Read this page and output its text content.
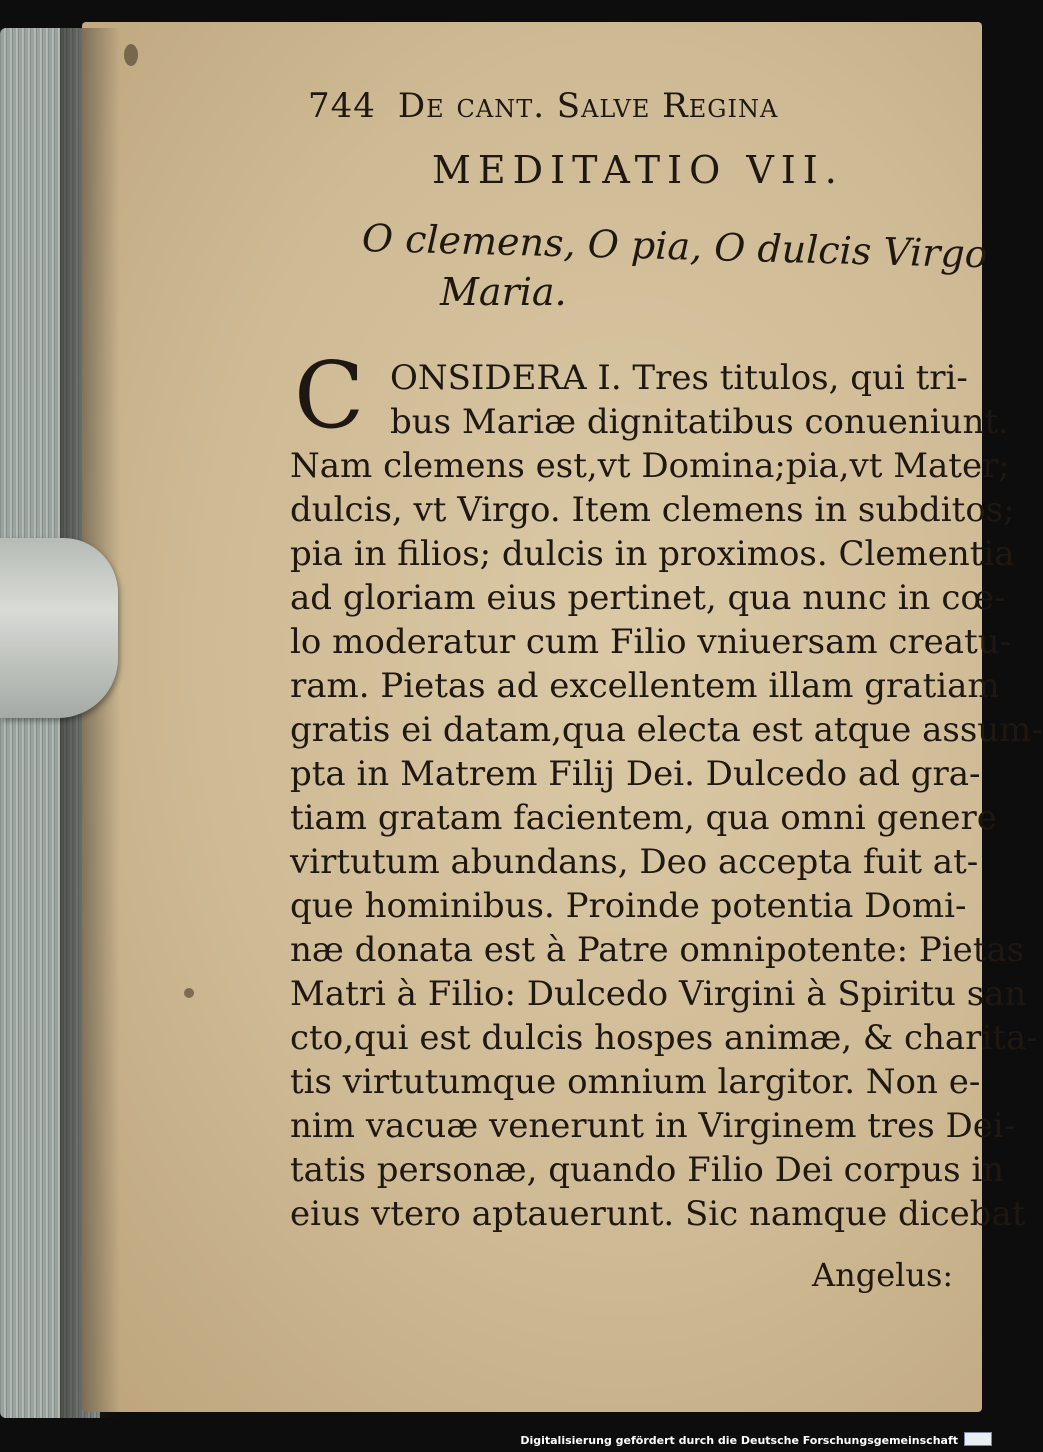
744 De cant. Salve Regina
MEDITATIO VII.
O clemens, O pia, O dulcis Virgo
Maria.
C ONSIDERA I. Tres titulos, qui tri-
bus Mariæ dignitatibus conueniunt.
Nam clemens est,vt Domina;pia,vt Mater;
dulcis, vt Virgo. Item clemens in subditos;
pia in filios; dulcis in proximos. Clementia
ad gloriam eius pertinet, qua nunc in cœ-
lo moderatur cum Filio vniuersam creatu-
ram. Pietas ad excellentem illam gratiam
gratis ei datam,qua electa est atque assum-
pta in Matrem Filij Dei. Dulcedo ad gra-
tiam gratam facientem, qua omni genere
virtutum abundans, Deo accepta fuit at-
que hominibus. Proinde potentia Domi-
næ donata est à Patre omnipotente: Pietas
Matri à Filio: Dulcedo Virgini à Spiritu san
cto,qui est dulcis hospes animæ, & charita-
tis virtutumque omnium largitor. Non e-
nim vacuæ venerunt in Virginem tres Dei-
tatis personæ, quando Filio Dei corpus in
eius vtero aptauerunt. Sic namque dicebat
Angelus:
Digitalisierung gefördert durch die Deutsche Forschungsgemeinschaft
